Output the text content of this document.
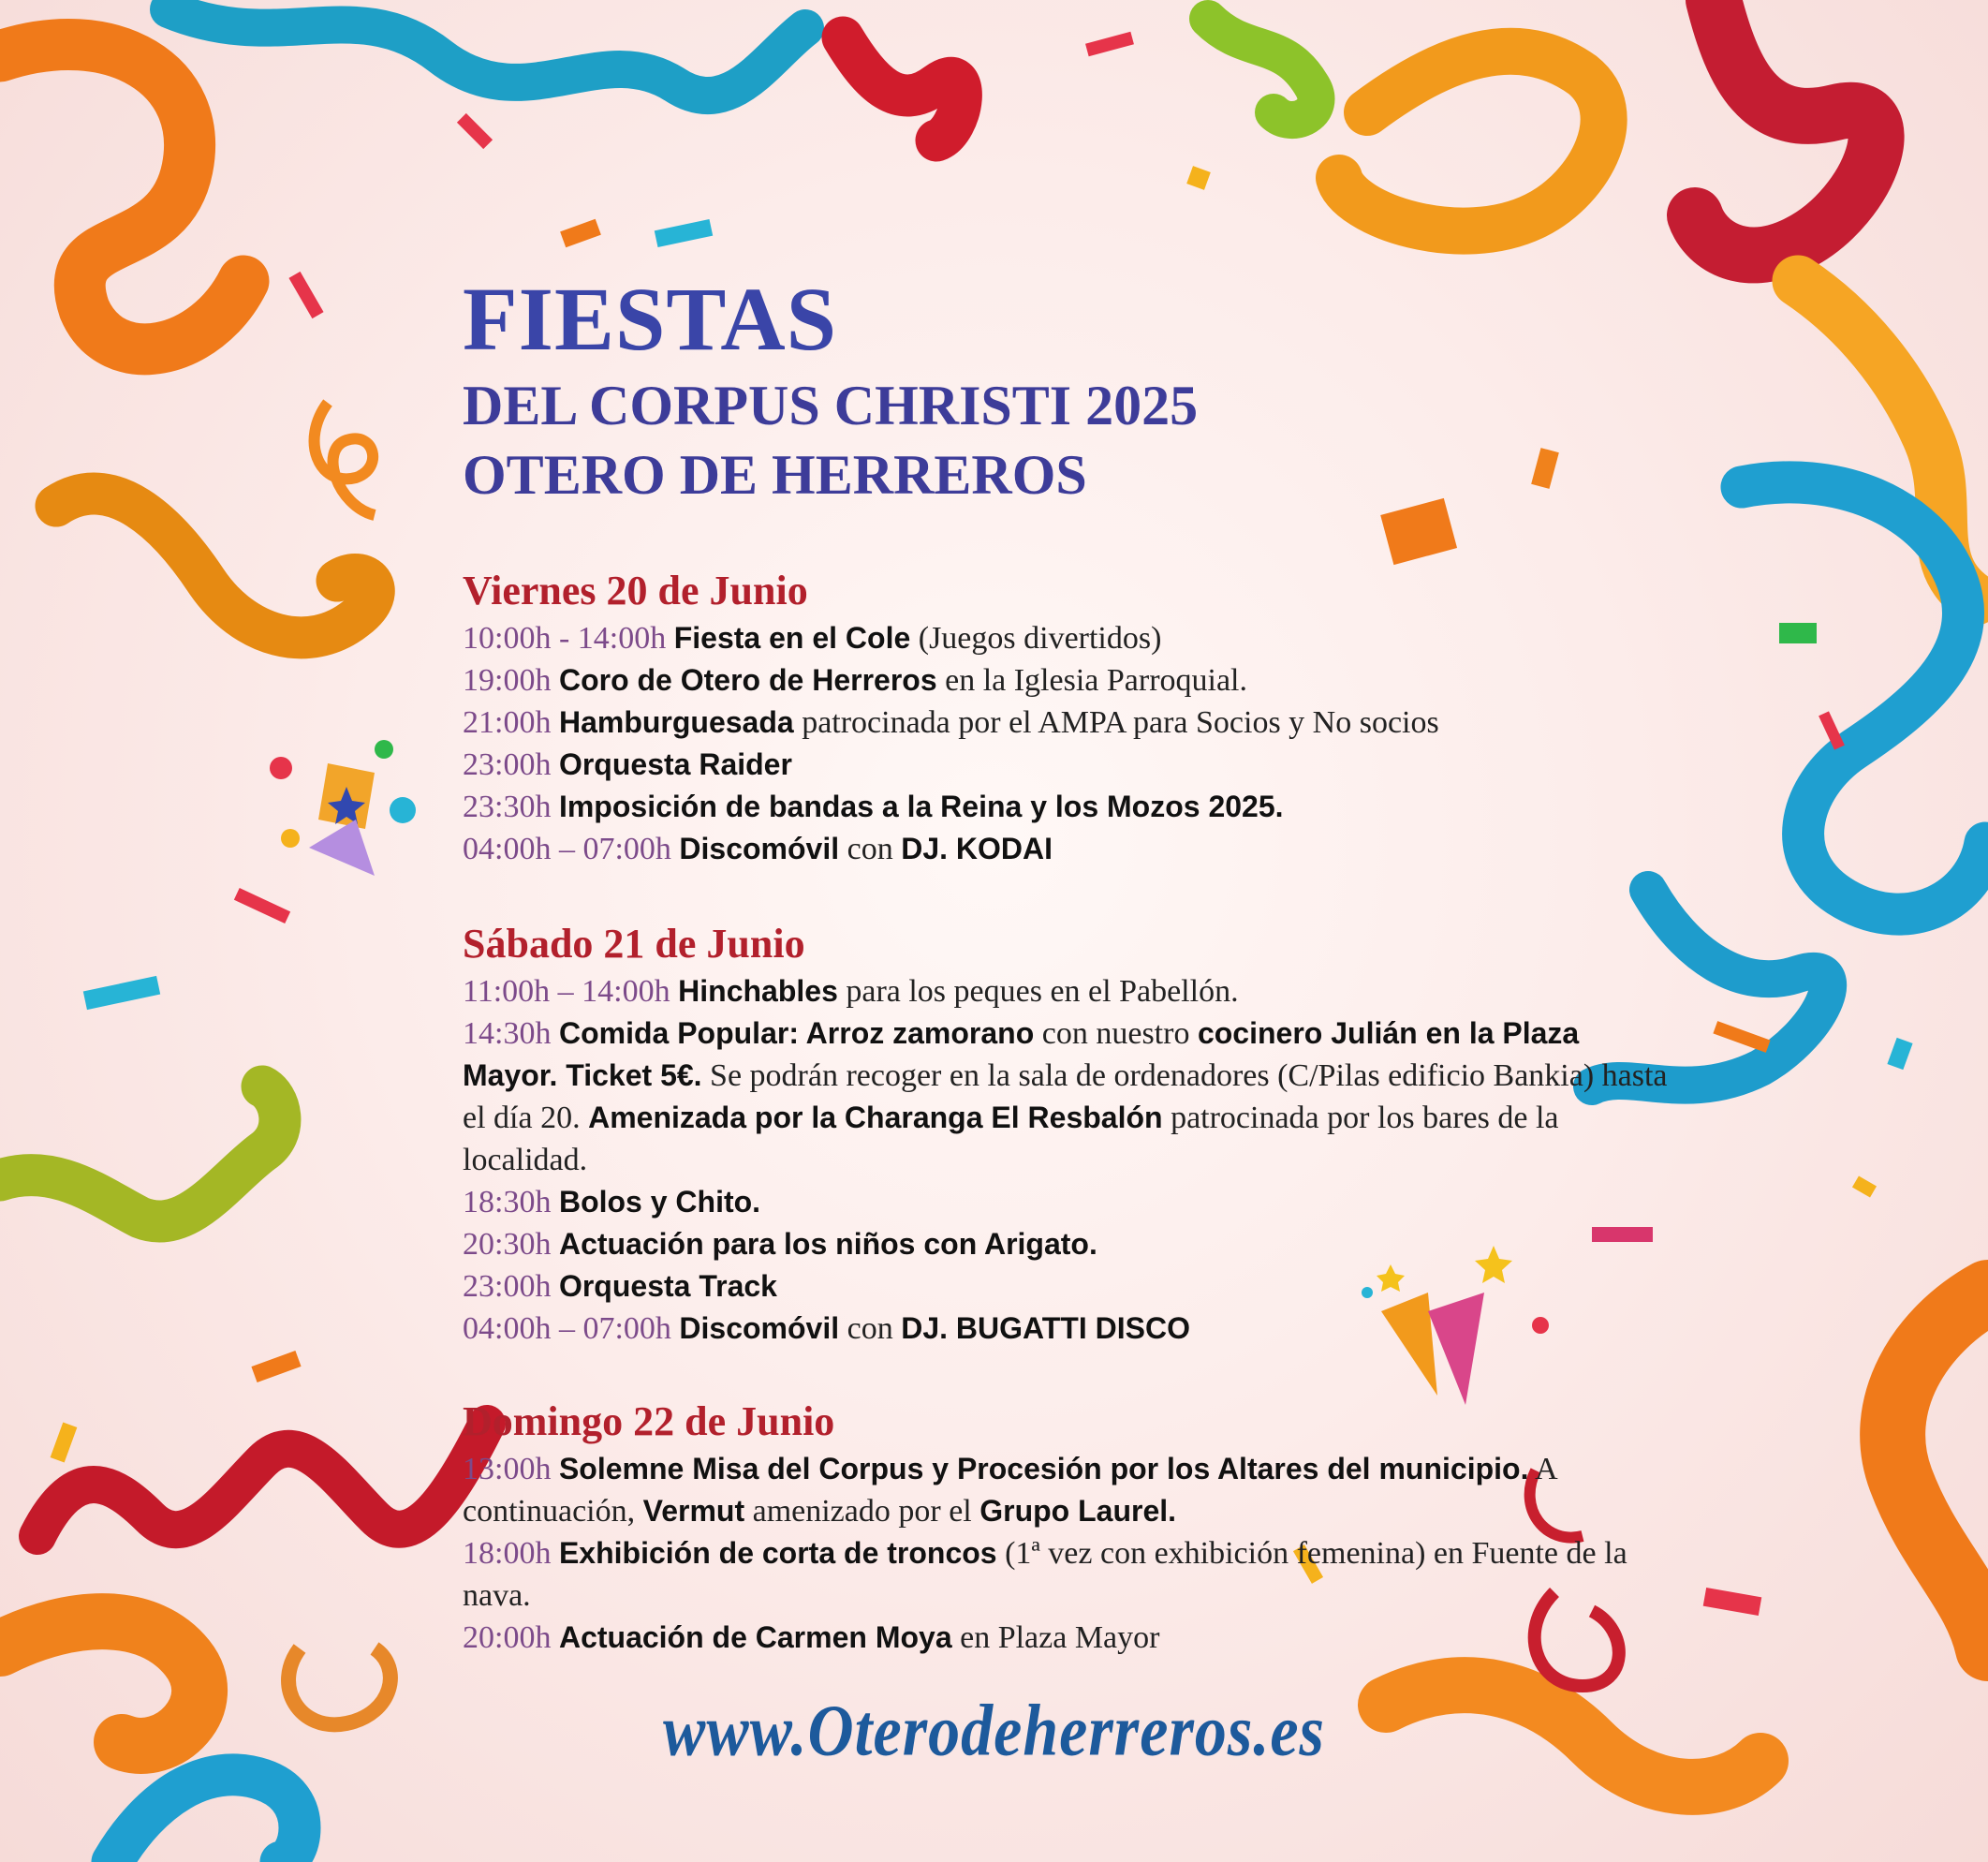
FIESTAS
DEL CORPUS CHRISTI 2025
OTERO DE HERREROS
Viernes 20 de Junio
10:00h - 14:00h Fiesta en el Cole (Juegos divertidos)
19:00h Coro de Otero de Herreros en la Iglesia Parroquial.
21:00h Hamburguesada patrocinada por el AMPA para Socios y No socios
23:00h Orquesta Raider
23:30h Imposición de bandas a la Reina y los Mozos 2025.
04:00h – 07:00h Discomóvil con DJ. KODAI
Sábado 21 de Junio
11:00h – 14:00h Hinchables para los peques en el Pabellón.
14:30h Comida Popular: Arroz zamorano con nuestro cocinero Julián en la Plaza Mayor. Ticket 5€. Se podrán recoger en la sala de ordenadores (C/Pilas edificio Bankia) hasta el día 20. Amenizada por la Charanga El Resbalón patrocinada por los bares de la localidad.
18:30h Bolos y Chito.
20:30h Actuación para los niños con Arigato.
23:00h Orquesta Track
04:00h – 07:00h Discomóvil con DJ. BUGATTI DISCO
Domingo 22 de Junio
13:00h Solemne Misa del Corpus y Procesión por los Altares del municipio. A continuación, Vermut amenizado por el Grupo Laurel.
18:00h Exhibición de corta de troncos (1ª vez con exhibición femenina) en Fuente de la nava.
20:00h Actuación de Carmen Moya en Plaza Mayor
www.Oterodeherreros.es
